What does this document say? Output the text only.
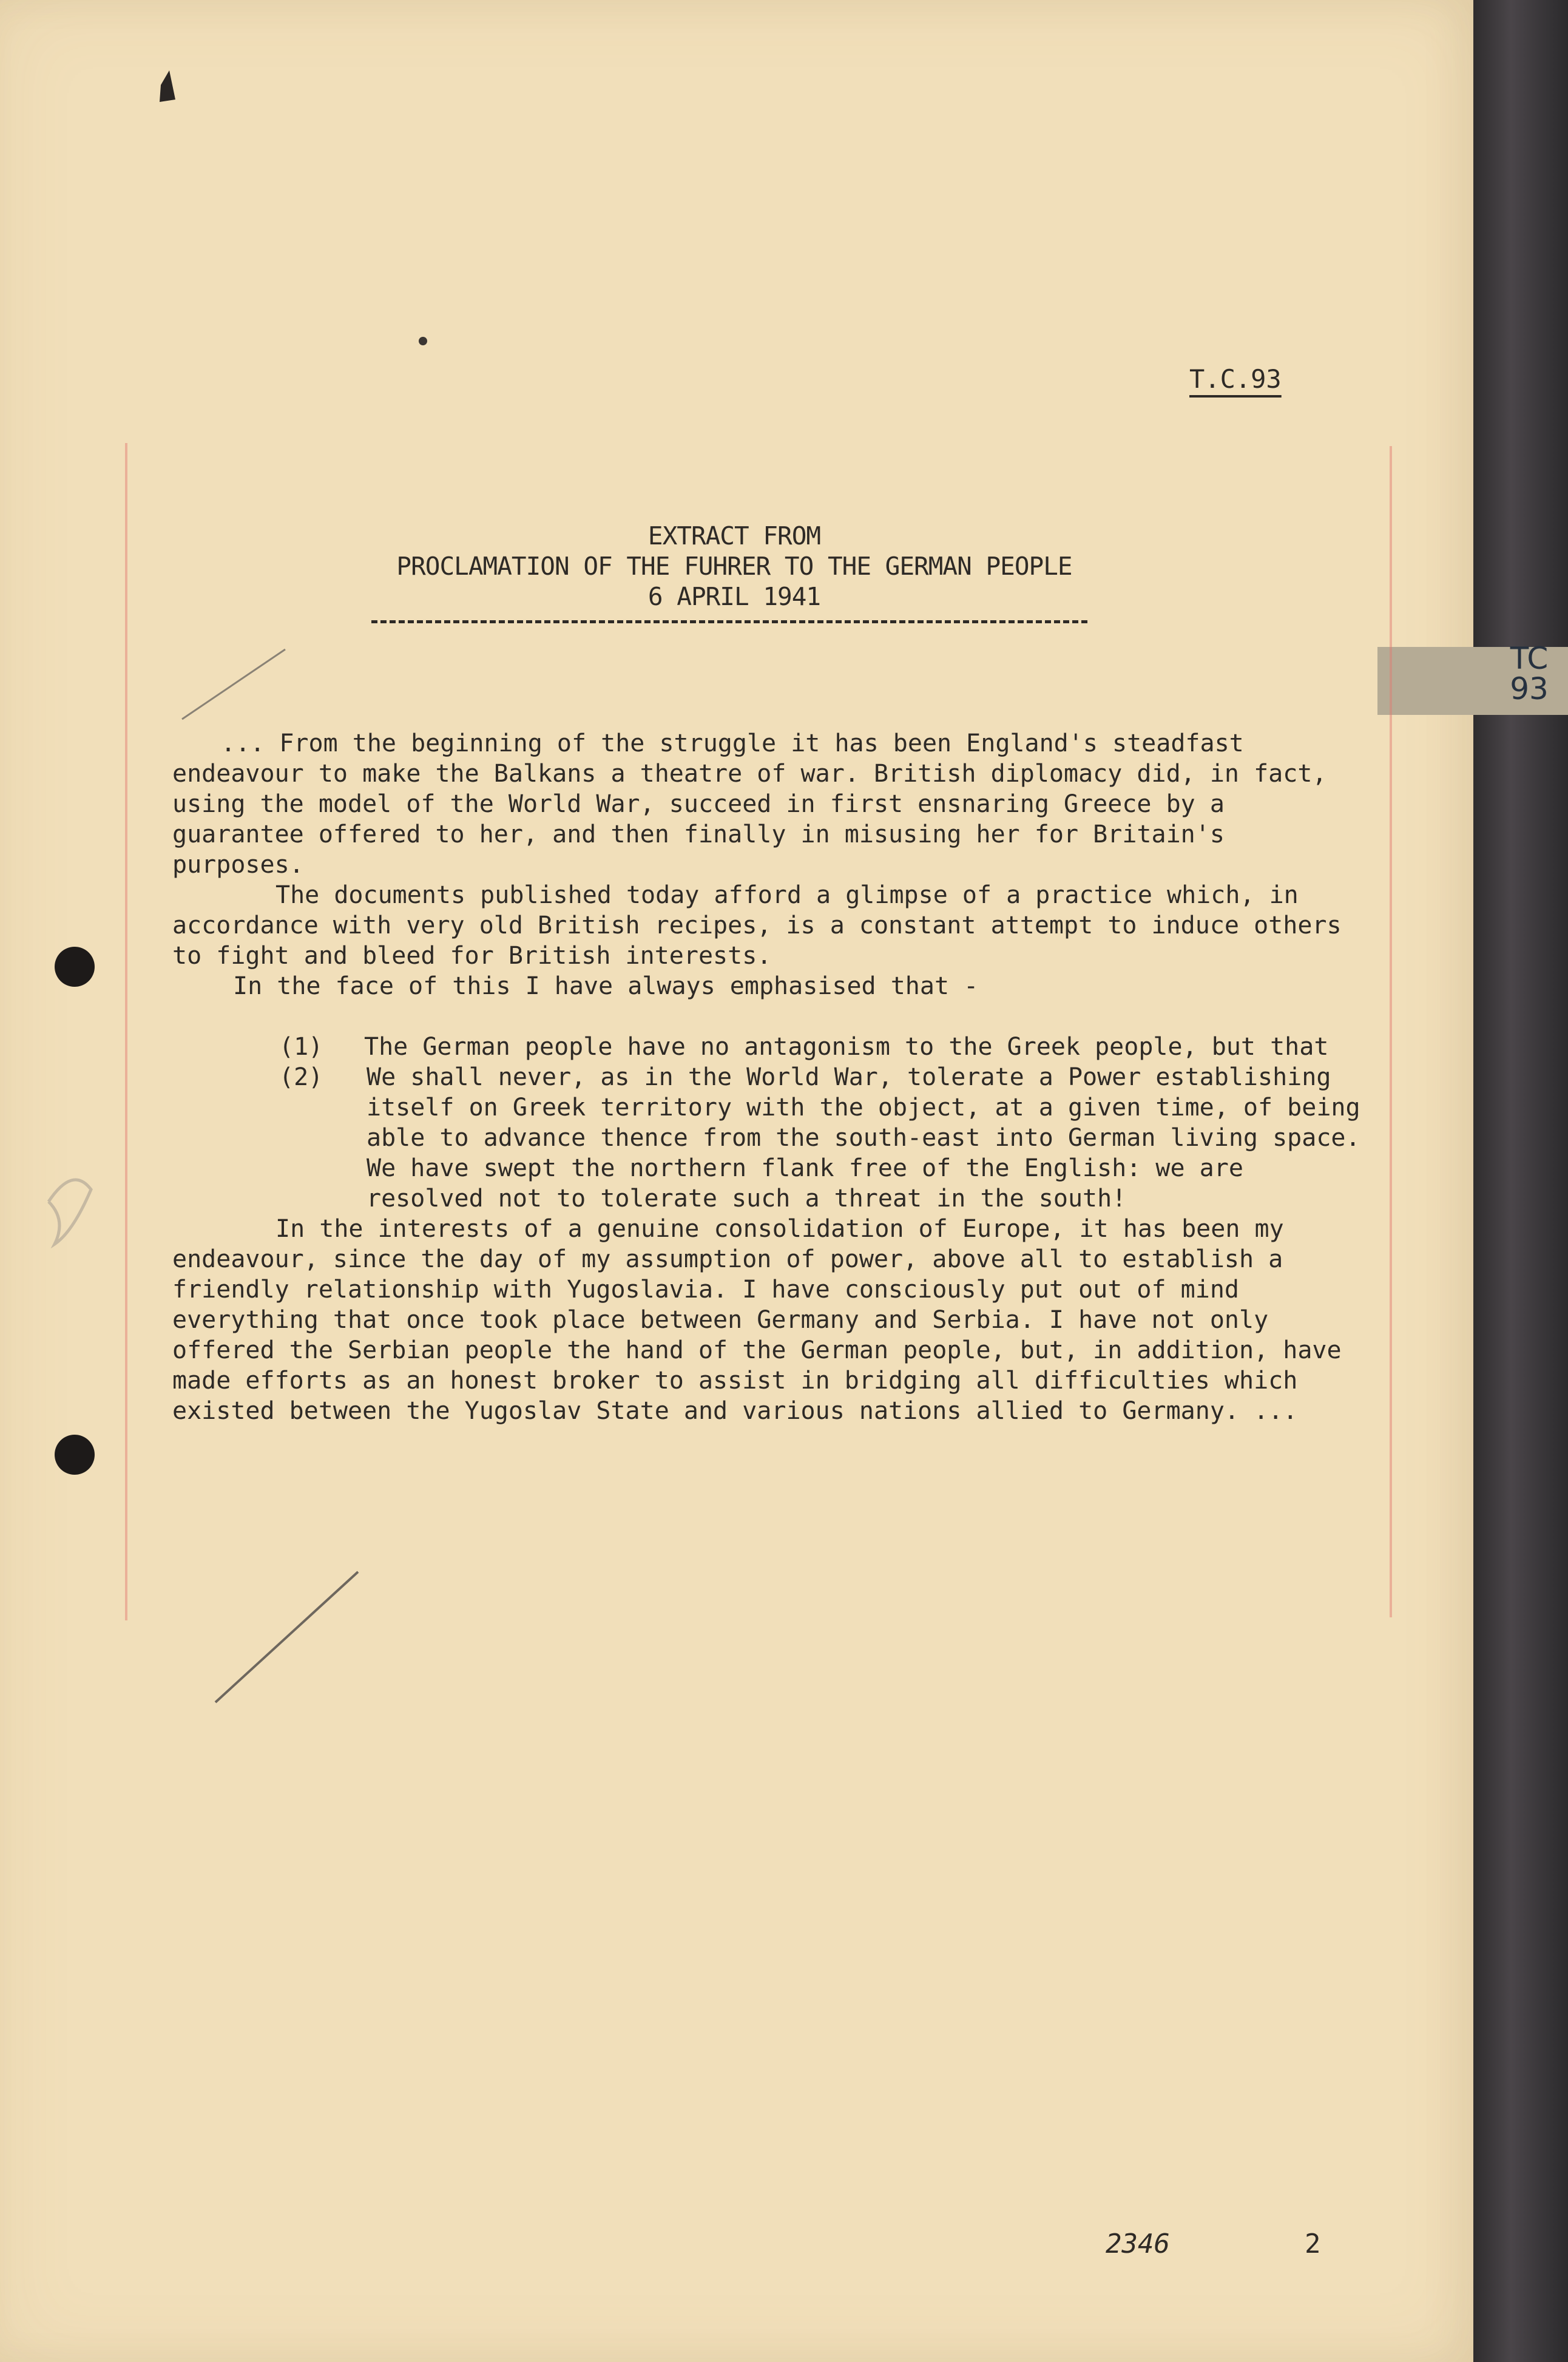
TC
93
T.C.93
EXTRACT FROM
PROCLAMATION OF THE FUHRER TO THE GERMAN PEOPLE
6 APRIL 1941

... From the beginning of the struggle it has been England's steadfast endeavour to make the Balkans a theatre of war. British diplomacy did, in fact, using the model of the World War, succeed in first ensnaring Greece by a guarantee offered to her, and then finally in misusing her for Britain's purposes.

The documents published today afford a glimpse of a practice which, in accordance with very old British recipes, is a constant attempt to induce others to fight and bleed for British interests.

In the face of this I have always emphasised that -

(1)	The German people have no antagonism to the Greek people, but that
(2)	We shall never, as in the World War, tolerate a Power establishing itself on Greek territory with the object, at a given time, of being able to advance thence from the south-east into German living space. We have swept the northern flank free of the English: we are resolved not to tolerate such a threat in the south!

In the interests of a genuine consolidation of Europe, it has been my endeavour, since the day of my assumption of power, above all to establish a friendly relationship with Yugoslavia. I have consciously put out of mind everything that once took place between Germany and Serbia. I have not only offered the Serbian people the hand of the German people, but, in addition, have made efforts as an honest broker to assist in bridging all difficulties which existed between the Yugoslav State and various nations allied to Germany. ...

2346	2
